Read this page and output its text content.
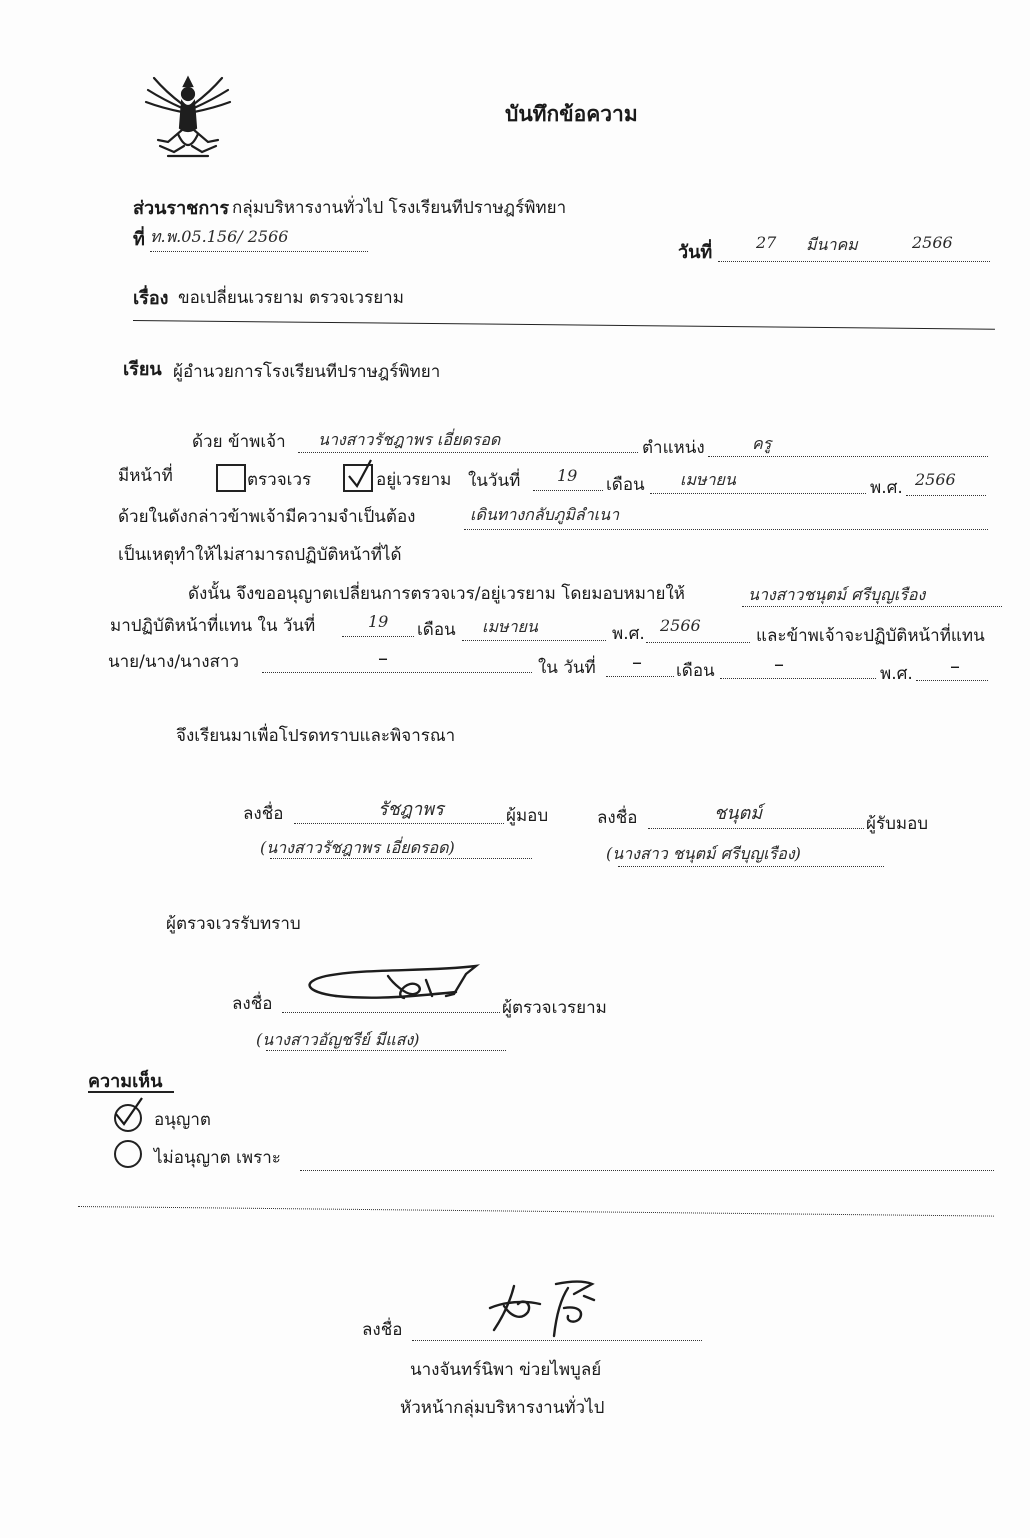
บันทึกข้อความ
ส่วนราชการ กลุ่มบริหารงานทั่วไป โรงเรียนทีปราษฎร์พิทยา
ที่ ท.พ.05.156/ 2566
วันที่	27 มีนาคม	2566
เรื่อง ขอเปลี่ยนเวรยาม ตรวจเวรยาม
เรียน ผู้อำนวยการโรงเรียนทีปราษฎร์พิทยา
ด้วย ข้าพเจ้า นางสาวรัชฎาพร เอี่ยดรอด	ตำแหน่ง	ครู
มีหน้าที่	ตรวจเวร	อยู่เวรยาม ในวันที่ 19 เดือน เมษายน	พ.ศ. 2566
ด้วยในดังกล่าวข้าพเจ้ามีความจำเป็นต้อง	เดินทางกลับภูมิลำเนา
เป็นเหตุทำให้ไม่สามารถปฏิบัติหน้าที่ได้
ดังนั้น จึงขออนุญาตเปลี่ยนการตรวจเวร/อยู่เวรยาม โดยมอบหมายให้	นางสาวชนุตม์ ศรีบุญเรือง
มาปฏิบัติหน้าที่แทน ใน วันที่	19 เดือน เมษายน	พ.ศ. 2566
และข้าพเจ้าจะปฏิบัติหน้าที่แทน
นาย/นาง/นางสาว	–	ใน วันที่ – เดือน	–	พ.ศ. –
จึงเรียนมาเพื่อโปรดทราบและพิจารณา
ลงชื่อ	รัชฎาพร	ผู้มอบ
(นางสาวรัชฎาพร เอี่ยดรอด)
ลงชื่อ	ชนุตม์	ผู้รับมอบ
(นางสาว ชนุตม์ ศรีบุญเรือง)
ผู้ตรวจเวรรับทราบ
ลงชื่อ	ผู้ตรวจเวรยาม
(นางสาวอัญชรีย์ มีแสง)
ความเห็น
อนุญาต
ไม่อนุญาต เพราะ
ลงชื่อ
นางจันทร์นิพา ข่วยไพบูลย์
หัวหน้ากลุ่มบริหารงานทั่วไป
